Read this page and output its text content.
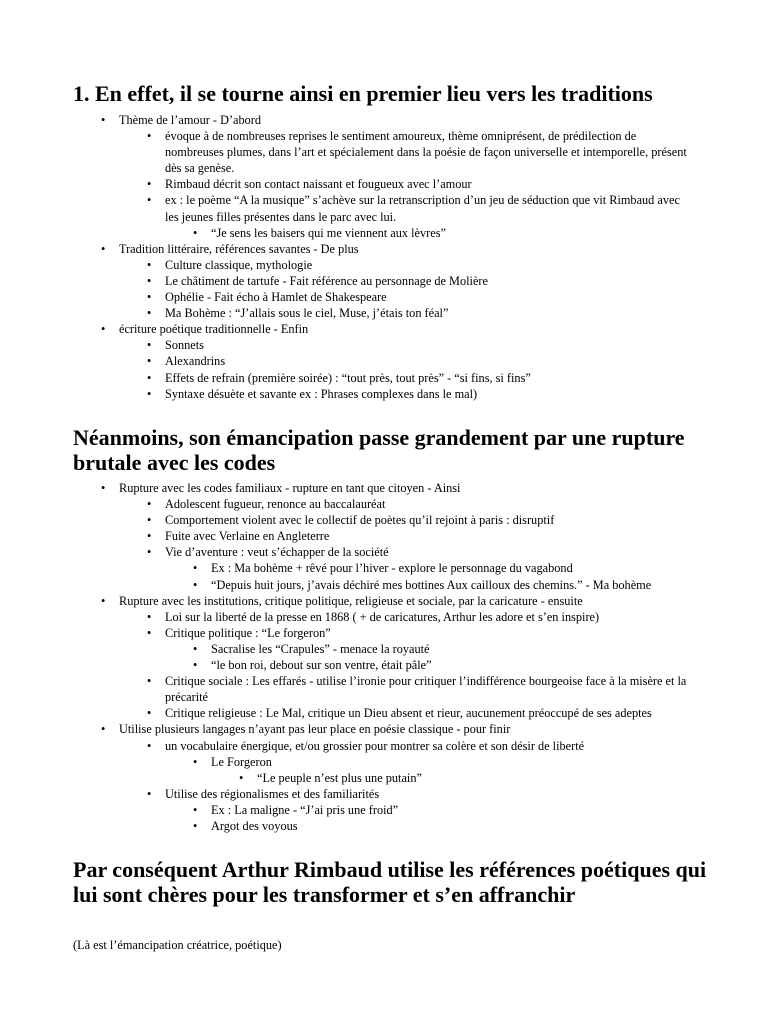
1. En effet, il se tourne ainsi en premier lieu vers les traditions
•
Thème de l’amour - D’abord
•
évoque à de nombreuses reprises le sentiment amoureux, thème omniprésent, de prédilection de nombreuses plumes, dans l’art et spécialement dans la poésie de façon universelle et intemporelle, présent dès sa genèse.
•
Rimbaud décrit son contact naissant et fougueux avec l’amour
•
ex : le poème “A la musique” s’achève sur la retranscription d’un jeu de séduction que vit Rimbaud avec les jeunes filles présentes dans le parc avec lui.
•
“Je sens les baisers qui me viennent aux lèvres”
•
Tradition littéraire, références savantes - De plus
•
Culture classique, mythologie
•
Le châtiment de tartufe - Fait référence au personnage de Molière
•
Ophélie - Fait écho à Hamlet de Shakespeare
•
Ma Bohème : “J’allais sous le ciel, Muse, j’étais ton féal”
•
écriture poétique traditionnelle - Enfin
•
Sonnets
•
Alexandrins
•
Effets de refrain (première soirée) : “tout près, tout près” - “si fins, si fins”
•
Syntaxe désuète et savante ex : Phrases complexes dans le mal)
Néanmoins, son émancipation passe grandement par une rupture brutale avec les codes
•
Rupture avec les codes familiaux - rupture en tant que citoyen - Ainsi
•
Adolescent fugueur, renonce au baccalauréat
•
Comportement violent avec le collectif de poètes qu’il rejoint à paris : disruptif
•
Fuite avec Verlaine en Angleterre
•
Vie d’aventure : veut s’échapper de la société
•
Ex : Ma bohème + rêvé pour l’hiver - explore le personnage du vagabond
•
“Depuis huit jours, j’avais déchiré mes bottines Aux cailloux des chemins.” - Ma bohème
•
Rupture avec les institutions, critique politique, religieuse et sociale, par la caricature - ensuite
•
Loi sur la liberté de la presse en 1868 ( + de caricatures, Arthur les adore et s’en inspire)
•
Critique politique : “Le forgeron”
•
Sacralise les “Crapules” - menace la royauté
•
“le bon roi, debout sur son ventre, était pâle”
•
Critique sociale : Les effarés - utilise l’ironie pour critiquer l’indifférence bourgeoise face à la misère et la précarité
•
Critique religieuse : Le Mal, critique un Dieu absent et rieur, aucunement préoccupé de ses adeptes
•
Utilise plusieurs langages n’ayant pas leur place en poésie classique - pour finir
•
un vocabulaire énergique, et/ou grossier pour montrer sa colère et son désir de liberté
•
Le Forgeron
•
“Le peuple n’est plus une putain”
•
Utilise des régionalismes et des familiarités
•
Ex : La maligne - “J’ai pris une froid”
•
Argot des voyous
Par conséquent Arthur Rimbaud utilise les références poétiques qui lui sont chères pour les transformer et s’en affranchir
(Là est l’émancipation créatrice, poétique)
